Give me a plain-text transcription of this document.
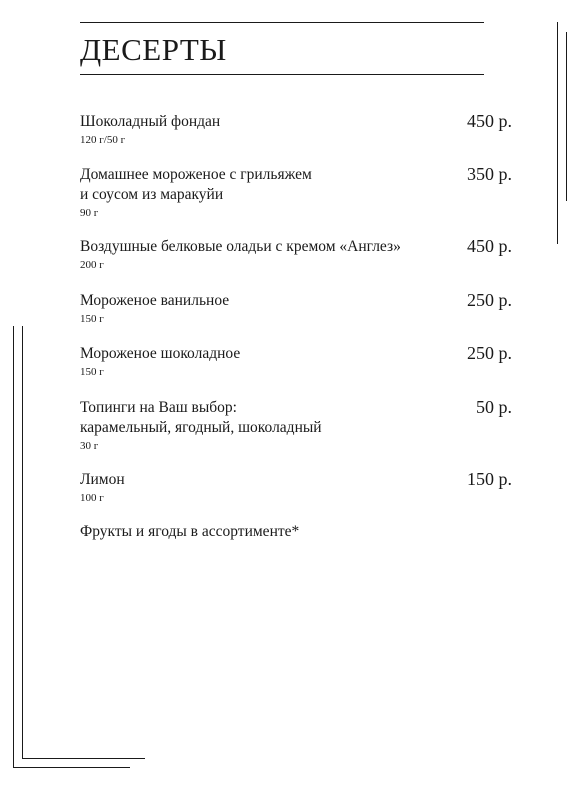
ДЕСЕРТЫ
Шоколадный фондан
120 г/50 г
450 р.
Домашнее мороженое с грильяжем
и соусом из маракуйи
90 г
350 р.
Воздушные белковые оладьи с кремом «Англез»
200 г
450 р.
Мороженое ванильное
150 г
250 р.
Мороженое шоколадное
150 г
250 р.
Топинги на Ваш выбор:
карамельный, ягодный, шоколадный
30 г
50 р.
Лимон
100 г
150 р.
Фрукты и ягоды в ассортименте*
